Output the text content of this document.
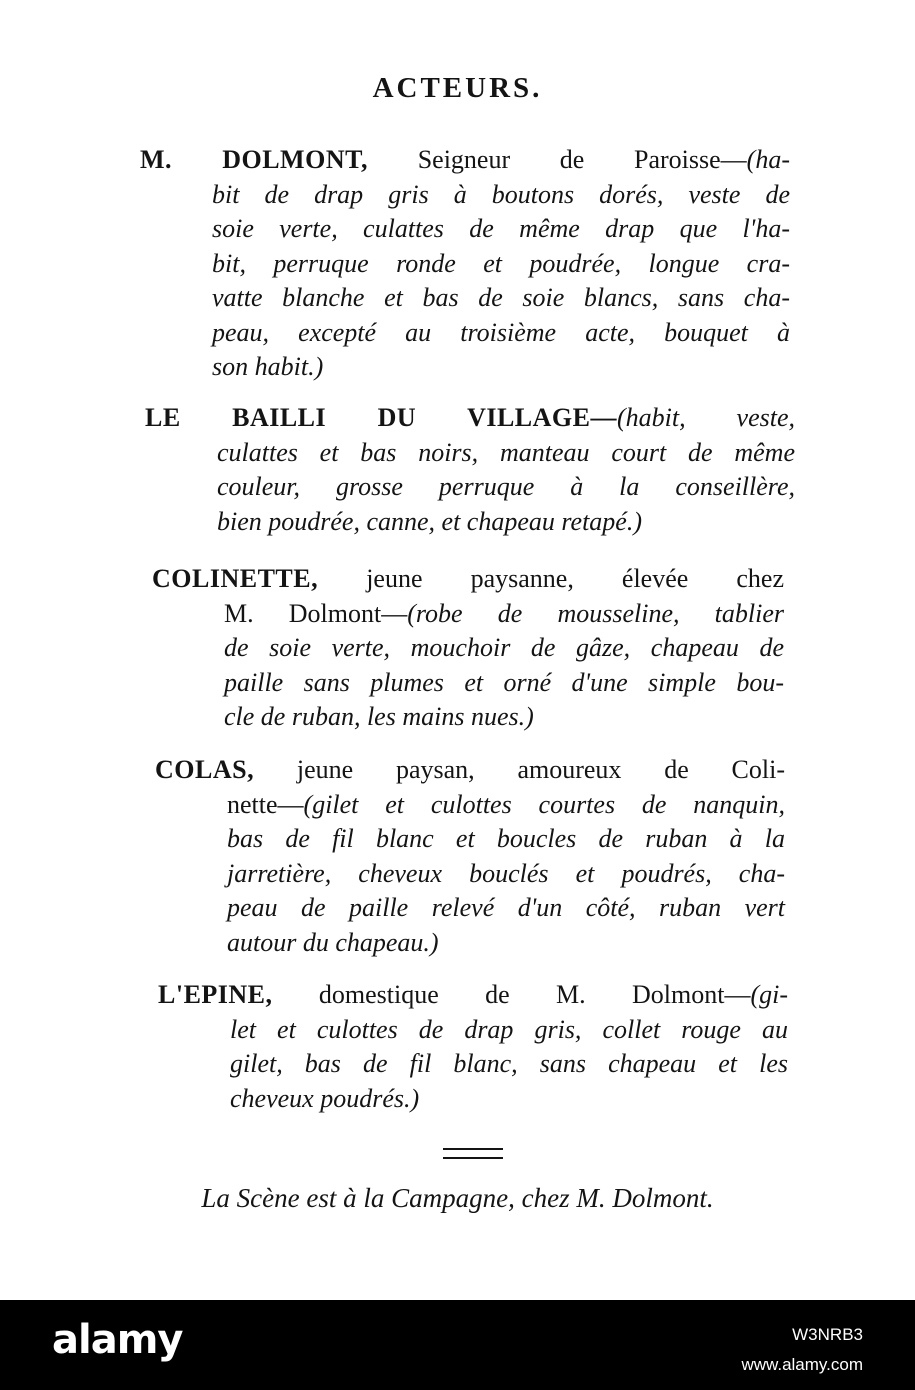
ACTEURS.
M. DOLMONT, Seigneur de Paroisse—(ha-
bit de drap gris à boutons dorés, veste de
soie verte, culattes de même drap que l'ha-
bit, perruque ronde et poudrée, longue cra-
vatte blanche et bas de soie blancs, sans cha-
peau, excepté au troisième acte, bouquet à
son habit.)
LE BAILLI DU VILLAGE—(habit, veste,
culattes et bas noirs, manteau court de même
couleur, grosse perruque à la conseillère,
bien poudrée, canne, et chapeau retapé.)
COLINETTE, jeune paysanne, élevée chez
M. Dolmont—(robe de mousseline, tablier
de soie verte, mouchoir de gâze, chapeau de
paille sans plumes et orné d'une simple bou-
cle de ruban, les mains nues.)
COLAS, jeune paysan, amoureux de Coli-
nette—(gilet et culottes courtes de nanquin,
bas de fil blanc et boucles de ruban à la
jarretière, cheveux bouclés et poudrés, cha-
peau de paille relevé d'un côté, ruban vert
autour du chapeau.)
L'EPINE, domestique de M. Dolmont—(gi-
let et culottes de drap gris, collet rouge au
gilet, bas de fil blanc, sans chapeau et les
cheveux poudrés.)
La Scène est à la Campagne, chez M. Dolmont.
alamy	W3NRB3
www.alamy.com
